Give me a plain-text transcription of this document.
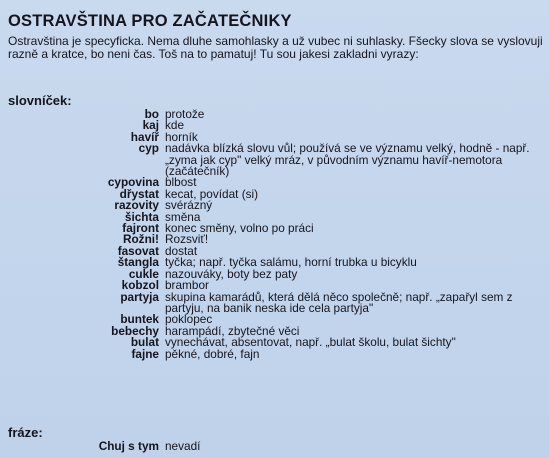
OSTRAVŠTINA PRO ZAČATEČNIKY
Ostravština je specyficka. Nema dluhe samohlasky a už vubec ni suhlasky. Fšecky slova se vyslovuji razně a kratce, bo neni čas. Toš na to pamatuj! Tu sou jakesi zakladni vyrazy:
slovníček:
bo protože
kaj kde
havíř horník
cyp nadávka blízká slovu vůl; používá se ve významu velký, hodně - např. „zyma jak cyp" velký mráz, v původním významu havíř-nemotora (začátečník)
cypovina blbost
dřystat kecat, povídat (si)
razovity svérázný
šichta směna
fajront konec směny, volno po práci
Rožni! Rozsviť!
fasovat dostat
štangla tyčka; např. tyčka salámu, horní trubka u bicyklu
cukle nazouváky, boty bez paty
kobzol brambor
partyja skupina kamarádů, která dělá něco společně; např. „zapařyl sem z partyju, na banik neska ide cela partyja"
buntek poklopec
bebechy harampádí, zbytečné věci
bulat vynechávat, absentovat, např. „bulat školu, bulat šichty"
fajne pěkné, dobré, fajn
fráze:
Chuj s tym nevadí
